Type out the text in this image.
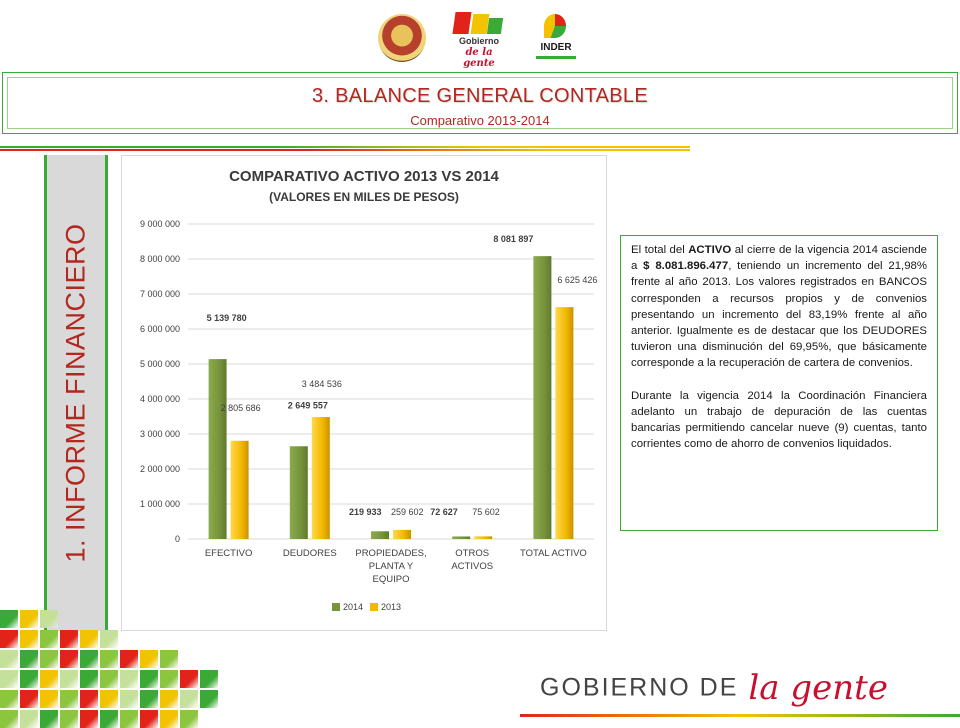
Gobierno
de la gente
INDER
3. BALANCE GENERAL CONTABLE
Comparativo 2013-2014
1. INFORME FINANCIERO
COMPARATIVO ACTIVO 2013 VS 2014
(VALORES EN MILES DE PESOS)
0
1 000 000
2 000 000
3 000 000
4 000 000
5 000 000
6 000 000
7 000 000
8 000 000
9 000 000
5 139 780
2 805 686
EFECTIVO
2 649 557
3 484 536
DEUDORES
219 933 259 602
PROPIEDADES,
PLANTA Y
EQUIPO
72 627 75 602
OTROS
ACTIVOS
8 081 897
6 625 426
TOTAL ACTIVO
2014 2013

El total del ACTIVO al cierre de la vigencia 2014 asciende a $ 8.081.896.477, teniendo un incremento del 21,98% frente al año 2013. Los valores registrados en BANCOS corresponden a recursos propios y de convenios presentando un incremento del 83,19% frente al año anterior. Igualmente es de destacar que los DEUDORES tuvieron una disminución del 69,95%, que básicamente corresponde a la recuperación de cartera de convenios.

Durante la vigencia 2014 la Coordinación Financiera adelanto un trabajo de depuración de las cuentas bancarias permitiendo cancelar nueve (9) cuentas, tanto corrientes como de ahorro de convenios liquidados.

GOBIERNO DE la gente
